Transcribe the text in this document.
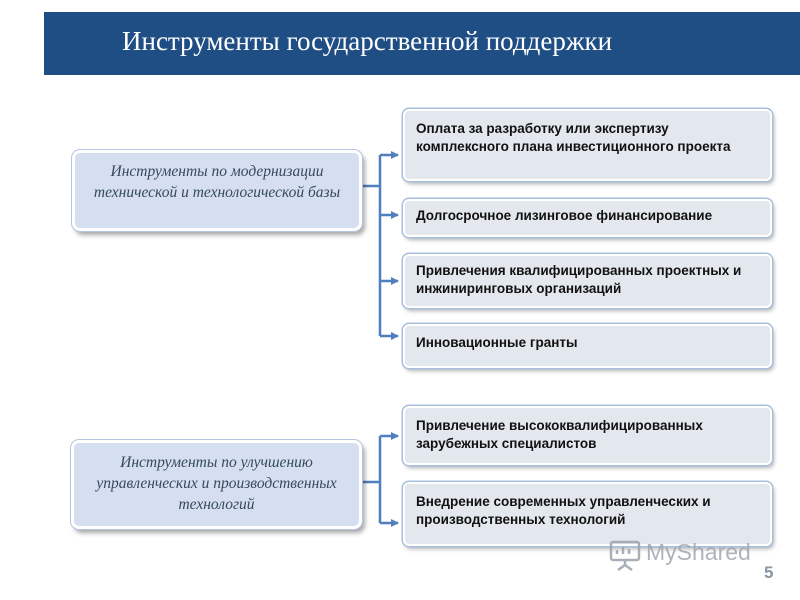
Инструменты государственной поддержки
Инструменты по модернизации технической и технологической базы
Инструменты по улучшению управленческих и производственных технологий
Оплата за разработку или экспертизу комплексного плана инвестиционного проекта
Долгосрочное лизинговое финансирование
Привлечения квалифицированных проектных и инжиниринговых организаций
Инновационные гранты
Привлечение высококвалифицированных зарубежных специалистов
Внедрение современных управленческих и производственных технологий
MyShared
5
